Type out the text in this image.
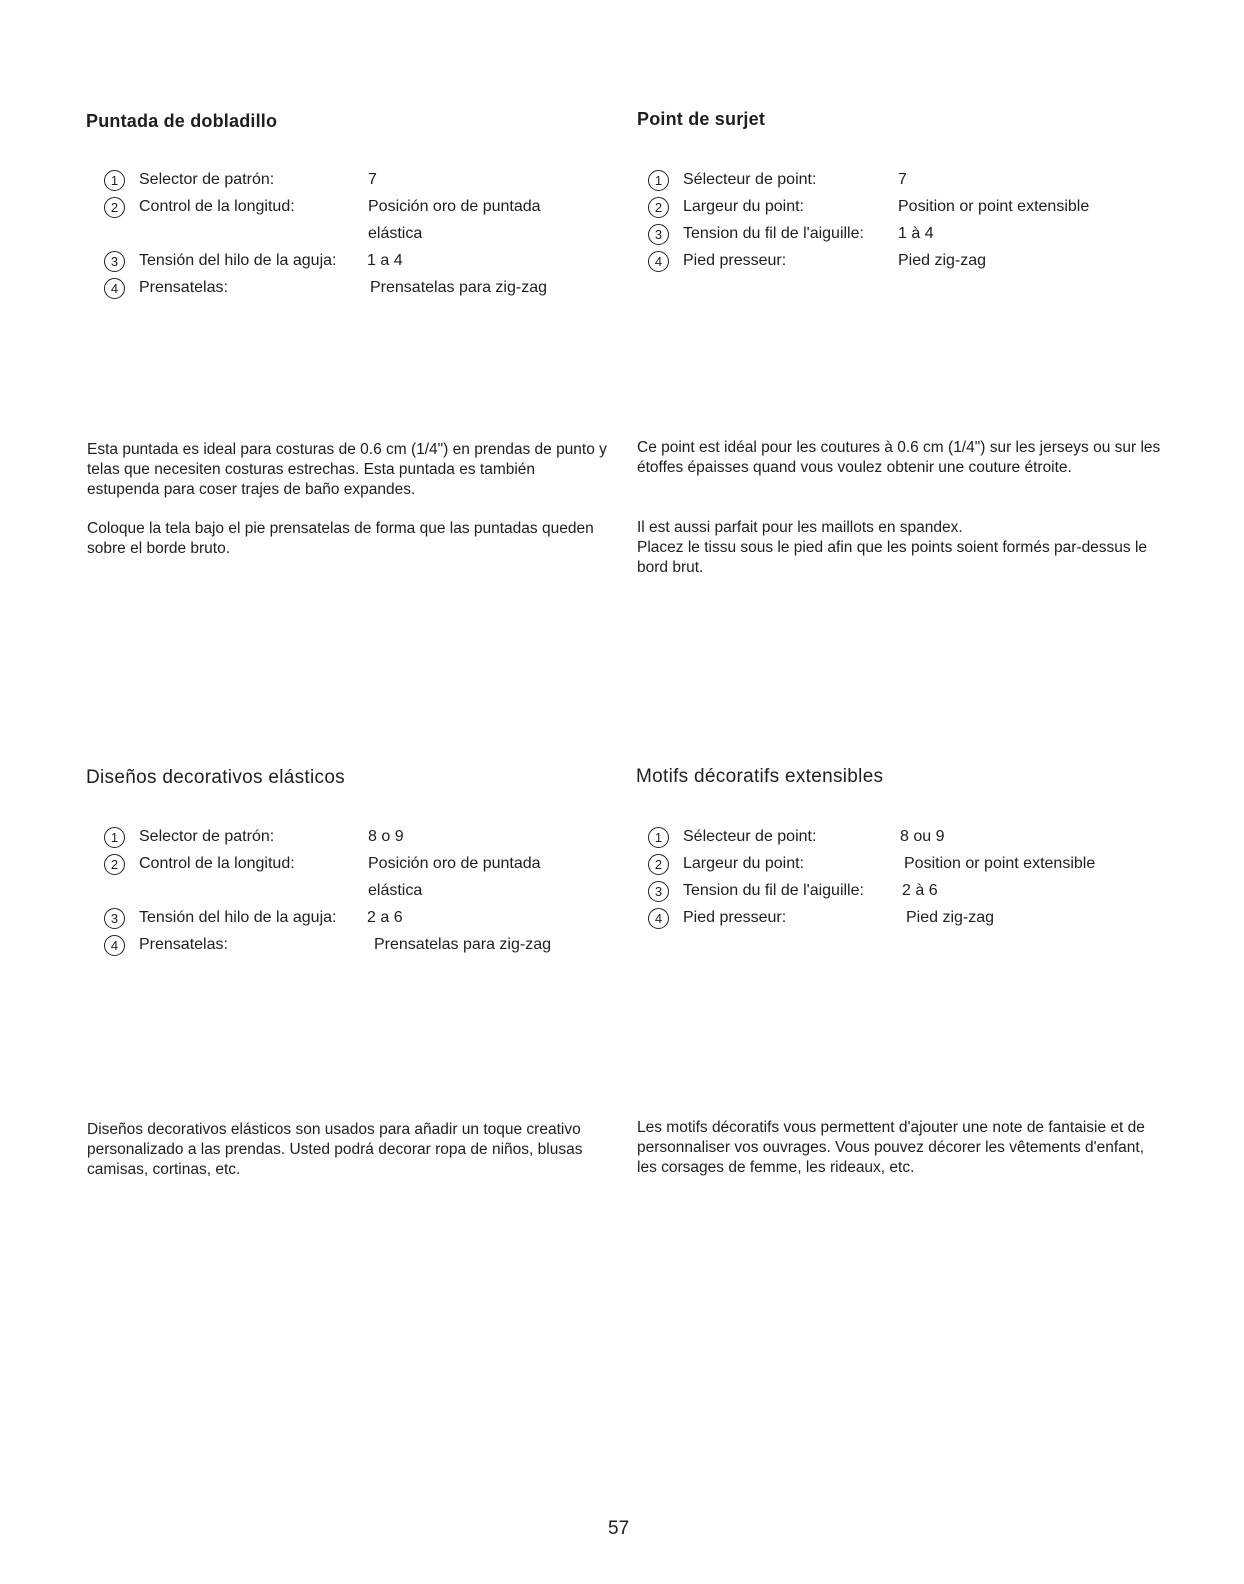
Puntada de dobladillo
1	Selector de patrón:	7
2	Control de la longitud:	Posición oro de puntada
elástica
3	Tensión del hilo de la aguja: 1 a 4
4	Prensatelas:	Prensatelas para zig-zag

Esta puntada es ideal para costuras de 0.6 cm (1/4") en prendas de punto y telas que necesiten costuras estrechas. Esta puntada es también estupenda para coser trajes de baño expandes.

Coloque la tela bajo el pie prensatelas de forma que las puntadas queden sobre el borde bruto.

Point de surjet
1	Sélecteur de point:	7
2	Largeur du point:	Position or point extensible
3	Tension du fil de l'aiguille: 1 à 4
4	Pied presseur:	Pied zig-zag

Ce point est idéal pour les coutures à 0.6 cm (1/4") sur les jerseys ou sur les étoffes épaisses quand vous voulez obtenir une couture étroite.

Il est aussi parfait pour les maillots en spandex.

Placez le tissu sous le pied afin que les points soient formés par-dessus le bord brut.

Diseños decorativos elásticos
1	Selector de patrón:	8 o 9
2	Control de la longitud:	Posición oro de puntada
elástica
3	Tensión del hilo de la aguja: 2 a 6
4	Prensatelas:	Prensatelas para zig-zag

Diseños decorativos elásticos son usados para añadir un toque creativo personalizado a las prendas. Usted podrá decorar ropa de niños, blusas camisas, cortinas, etc.

Motifs décoratifs extensibles
1	Sélecteur de point:	8 ou 9
2	Largeur du point:	Position or point extensible
3	Tension du fil de l'aiguille: 2 à 6
4	Pied presseur:	Pied zig-zag

Les motifs décoratifs vous permettent d'ajouter une note de fantaisie et de personnaliser vos ouvrages. Vous pouvez décorer les vêtements d'enfant, les corsages de femme, les rideaux, etc.

57
